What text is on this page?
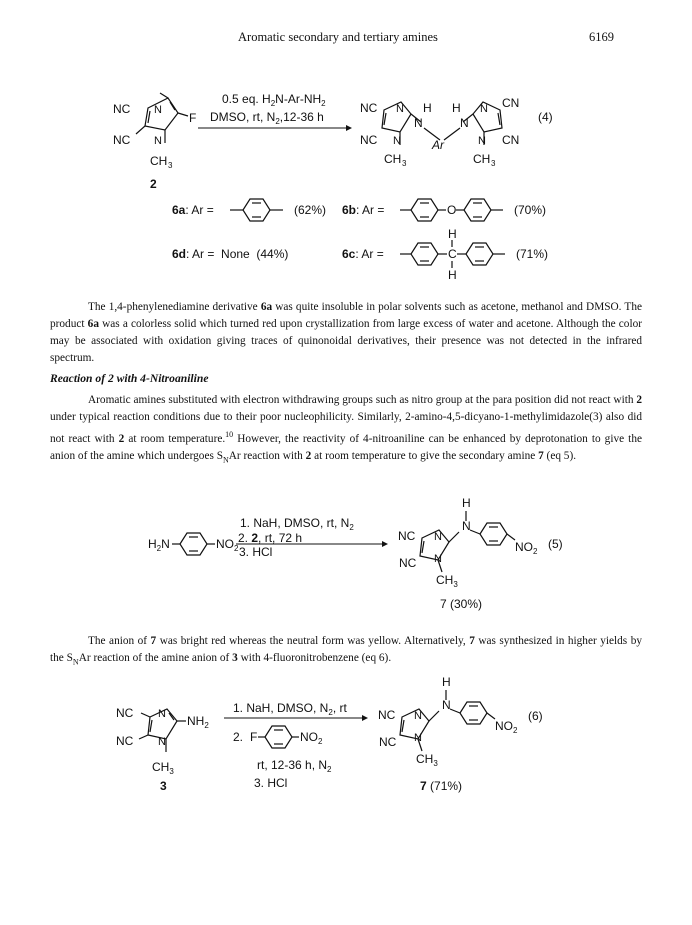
Aromatic secondary and tertiary amines	6169
NC N
F
NC N
CH 3
0.5 eq. $H_2N-Ar-NH_2$
DMSO, rt, $N_2,12-36$ h
NC N H H N CN
N	N
NC N	Ar	N CN
CH 3	CH 3
(4)
2
6a: Ar =	(62%) 6b: Ar =	O	(70%)
6d: Ar =  None  (44%)	6c: Ar =
H
C
H
(71%)

The 1,4-phenylenediamine derivative 6a was quite insoluble in polar solvents such as acetone, methanol and DMSO. The product 6a was a colorless solid which turned red upon crystallization from large excess of water and acetone. Although the color may be associated with oxidation giving traces of quinonoidal derivatives, their presence was not detected in the infrared spectrum.

Reaction of 2 with 4-Nitroaniline

Aromatic amines substituted with electron withdrawing groups such as nitro group at the para position did not react with 2 under typical reaction conditions due to their poor nucleophilicity. Similarly, 2-amino-4,5-dicyano-1-methylimidazole(3) also did not react with 2 at room temperature.$^{10}$ However, the reactivity of 4-nitroaniline can be enhanced by deprotonation to give the anion of the amine which undergoes $S_NAr$ reaction with 2 at room temperature to give the secondary amine 7 (eq 5).

$H_2N$	$NO_2$
1. NaH, DMSO, rt, $N_2$
2. 2, rt, 72 h
3. HCl
H
N
NC N
NC N
$CH_3$
$NO_2$
(5)
7 (30%)

The anion of 7 was bright red whereas the neutral form was yellow. Alternatively, 7 was synthesized in higher yields by the $S_NAr$ reaction of the amine anion of 3 with 4-fluoronitrobenzene (eq 6).

NC N $NH_2$
NC N
$CH_3$
3
1. NaH, DMSO, $N_2$, rt
2. F	$NO_2$
rt, 12-36 h, $N_2$
3. HCl
H
N
NC N
NC N
$CH_3$
$NO_2$
(6)
7 (71%)
